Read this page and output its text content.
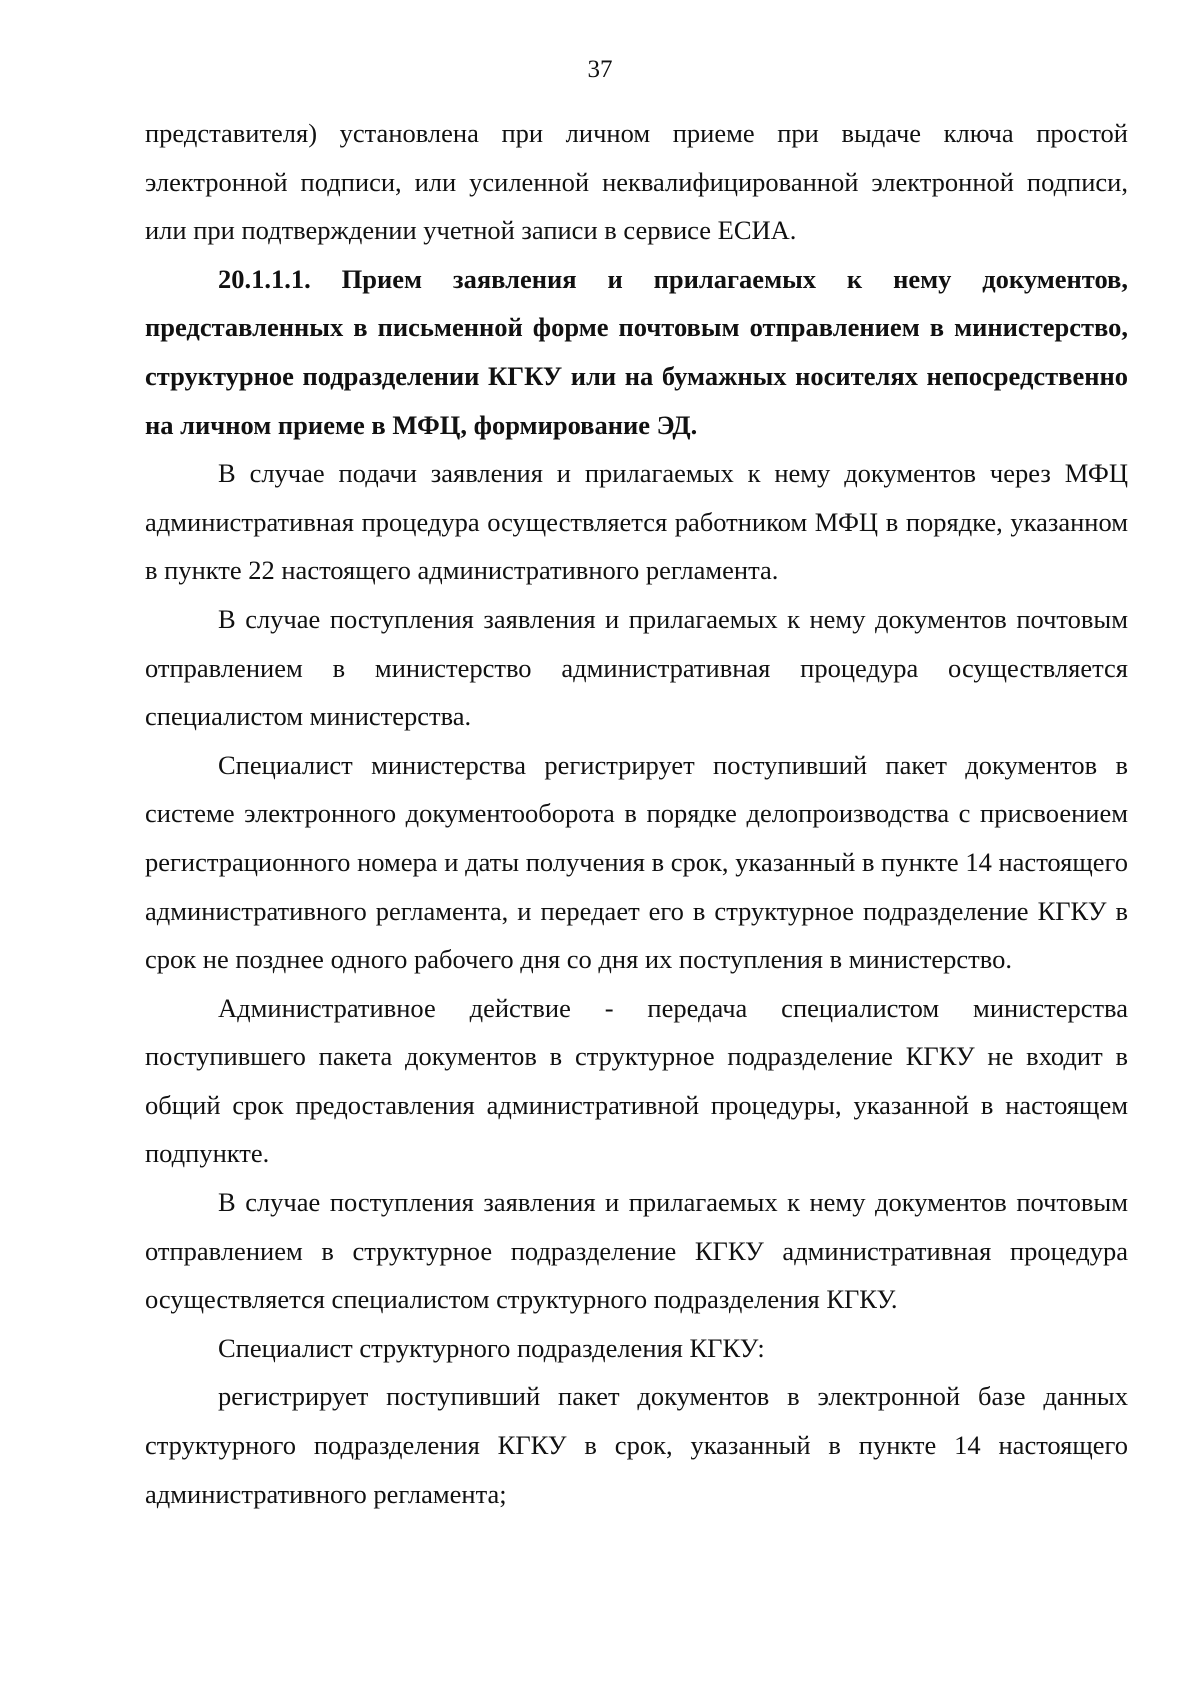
37

представителя) установлена при личном приеме при выдаче ключа простой электронной подписи, или усиленной неквалифицированной электронной подписи, или при подтверждении учетной записи в сервисе ЕСИА.

20.1.1.1. Прием заявления и прилагаемых к нему документов, представленных в письменной форме почтовым отправлением в министерство, структурное подразделении КГКУ или на бумажных носителях непосредственно на личном приеме в МФЦ, формирование ЭД.

В случае подачи заявления и прилагаемых к нему документов через МФЦ административная процедура осуществляется работником МФЦ в порядке, указанном в пункте 22 настоящего административного регламента.

В случае поступления заявления и прилагаемых к нему документов почтовым отправлением в министерство административная процедура осуществляется специалистом министерства.

Специалист министерства регистрирует поступивший пакет документов в системе электронного документооборота в порядке делопроизводства с присвоением регистрационного номера и даты получения в срок, указанный в пункте 14 настоящего административного регламента, и передает его в структурное подразделение КГКУ в срок не позднее одного рабочего дня со дня их поступления в министерство.

Административное действие - передача специалистом министерства поступившего пакета документов в структурное подразделение КГКУ не входит в общий срок предоставления административной процедуры, указанной в настоящем подпункте.

В случае поступления заявления и прилагаемых к нему документов почтовым отправлением в структурное подразделение КГКУ административная процедура осуществляется специалистом структурного подразделения КГКУ.

Специалист структурного подразделения КГКУ:

регистрирует поступивший пакет документов в электронной базе данных структурного подразделения КГКУ в срок, указанный в пункте 14 настоящего административного регламента;
